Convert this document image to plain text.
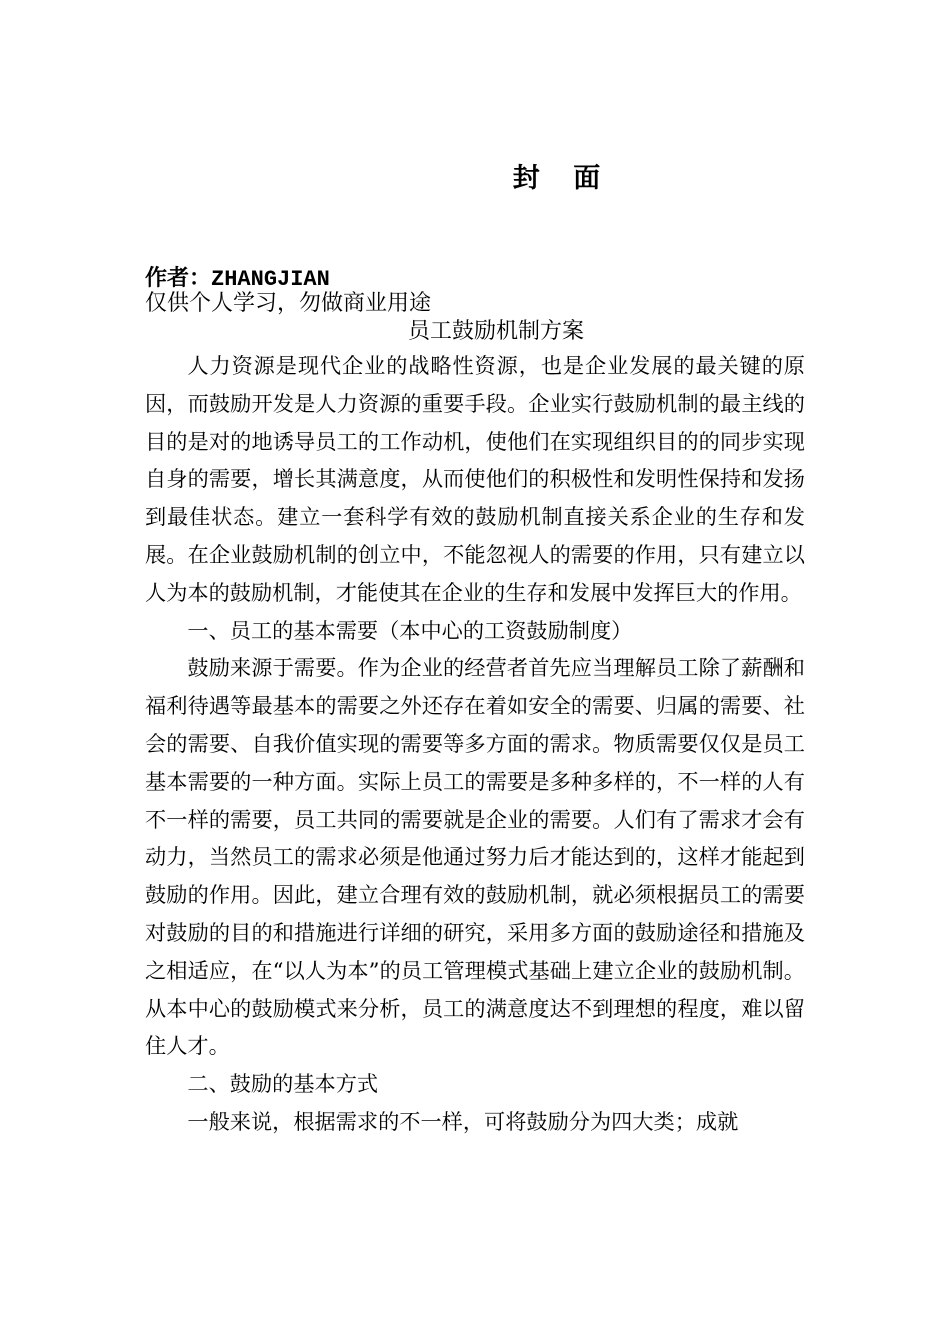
封 面
作者：ZHANGJIAN
仅供个人学习，勿做商业用途
员工鼓励机制方案

人力资源是现代企业的战略性资源，也是企业发展的最关键的原因，而鼓励开发是人力资源的重要手段。企业实行鼓励机制的最主线的目的是对的地诱导员工的工作动机，使他们在实现组织目的的同步实现自身的需要，增长其满意度，从而使他们的积极性和发明性保持和发扬到最佳状态。建立一套科学有效的鼓励机制直接关系企业的生存和发展。在企业鼓励机制的创立中，不能忽视人的需要的作用，只有建立以人为本的鼓励机制，才能使其在企业的生存和发展中发挥巨大的作用。

一、员工的基本需要（本中心的工资鼓励制度）

鼓励来源于需要。作为企业的经营者首先应当理解员工除了薪酬和福利待遇等最基本的需要之外还存在着如安全的需要、归属的需要、社会的需要、自我价值实现的需要等多方面的需求。物质需要仅仅是员工基本需要的一种方面。实际上员工的需要是多种多样的，不一样的人有不一样的需要，员工共同的需要就是企业的需要。人们有了需求才会有动力，当然员工的需求必须是他通过努力后才能达到的，这样才能起到鼓励的作用。因此，建立合理有效的鼓励机制，就必须根据员工的需要对鼓励的目的和措施进行详细的研究，采用多方面的鼓励途径和措施及之相适应，在“以人为本”的员工管理模式基础上建立企业的鼓励机制。从本中心的鼓励模式来分析，员工的满意度达不到理想的程度，难以留住人才。

二、鼓励的基本方式

一般来说，根据需求的不一样，可将鼓励分为四大类；成就
